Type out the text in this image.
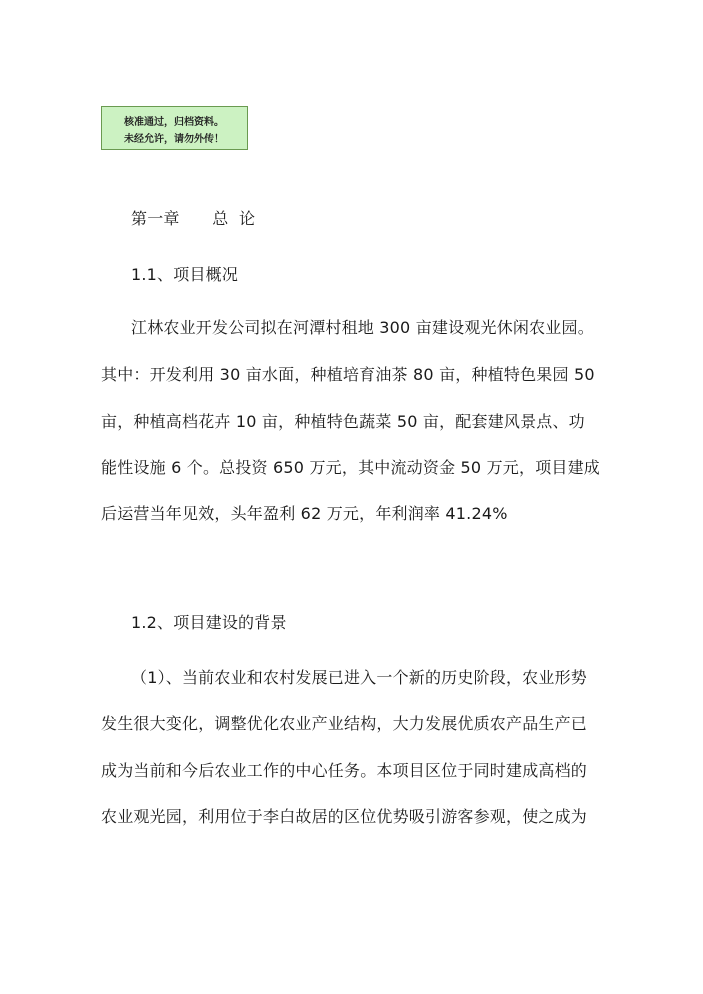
核准通过，归档资料。
未经允许，请勿外传！
第一章 总  论
1.1、项目概况
江林农业开发公司拟在河潭村租地 300 亩建设观光休闲农业园。
其中：开发利用 30 亩水面，种植培育油茶 80 亩，种植特色果园 50
亩，种植高档花卉 10 亩，种植特色蔬菜 50 亩，配套建风景点、功
能性设施 6 个。总投资 650 万元，其中流动资金 50 万元，项目建成
后运营当年见效，头年盈利 62 万元，年利润率 41.24%
1.2、项目建设的背景
（1）、当前农业和农村发展已进入一个新的历史阶段，农业形势
发生很大变化，调整优化农业产业结构，大力发展优质农产品生产已
成为当前和今后农业工作的中心任务。本项目区位于同时建成高档的
农业观光园，利用位于李白故居的区位优势吸引游客参观，使之成为
